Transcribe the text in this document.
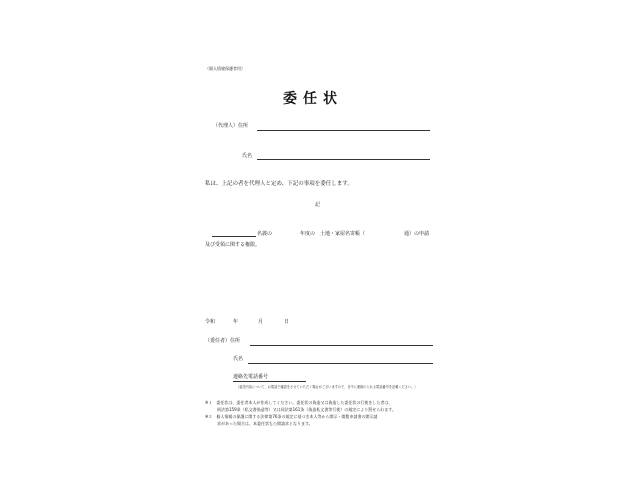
（個人情報保護者用）
委任状
（代理人）住所
氏名
私は、上記の者を代理人と定め、下記の事項を委任します。
記
名義の	年度の　土地・家屋名寄帳（	通）の申請
及び受領に関する権限。
令和	年	月	日
（委任者）住所
氏名
連絡先電話番号
（委任内容について、お電話で確認をさせていただく場合がございますので、日中に連絡のとれる電話番号を記載ください。）
※１　委任状は、委任者本人が作成してください。委任状の偽造又は偽造した委任状の行使をした者は、
　　　刑法第159条（私文書偽造等）又は同法第161条（偽造私文書等行使）の規定により罰せられます。
※２　個人情報の保護に関する法律第76条の規定に基づき本人等から開示・閲覧申請書の開示請
　　　求があった場合は、本委任状も公開請求となります。
